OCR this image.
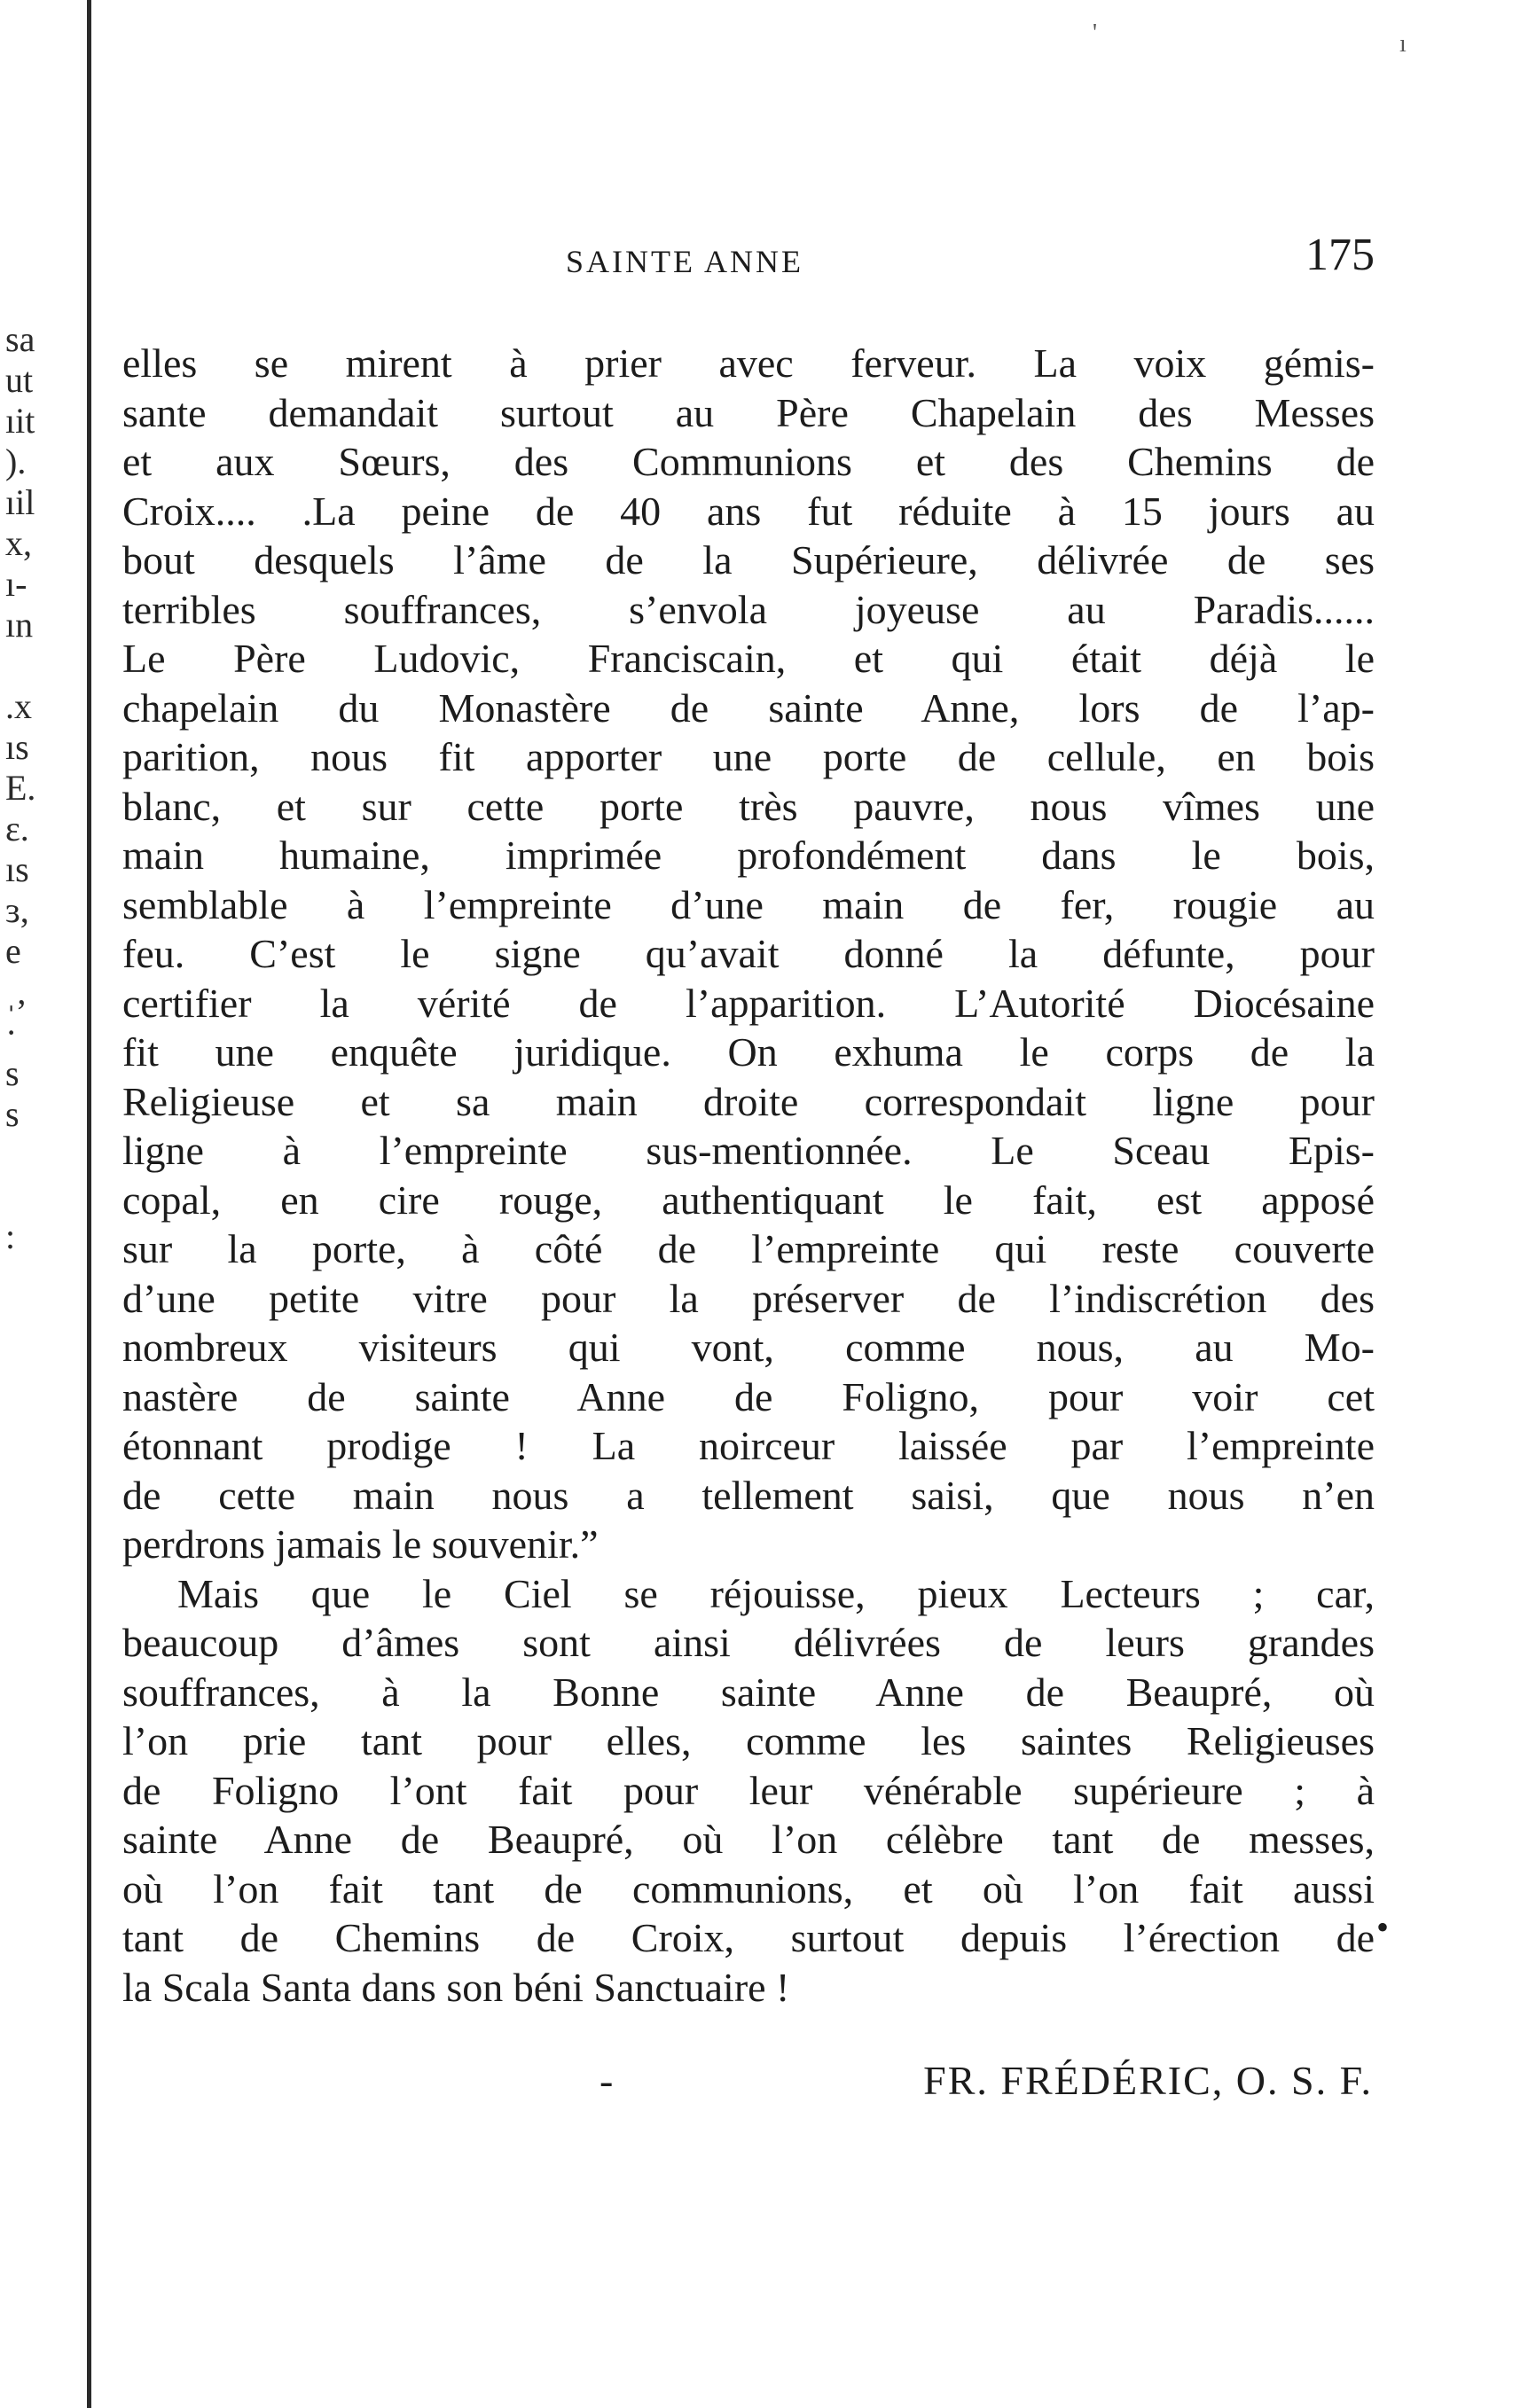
sa
ut
ıit
).
ıil
x,
ı-
ın

.x
ıs
E.
ɛ.
ıs
ɜ,
e
ˌ,
·
s
s

:

'	ı
SAINTE ANNE	175
elles se mirent à prier avec ferveur. La voix gémis-
sante demandait surtout au Père Chapelain des Messes
et aux Sœurs, des Communions et des Chemins de
Croix.... .La peine de 40 ans fut réduite à 15 jours au
bout desquels l’âme de la Supérieure, délivrée de ses
terribles souffrances, s’envola joyeuse au Paradis......
Le Père Ludovic, Franciscain, et qui était déjà le
chapelain du Monastère de sainte Anne, lors de l’ap-
parition, nous fit apporter une porte de cellule, en bois
blanc, et sur cette porte très pauvre, nous vîmes une
main humaine, imprimée profondément dans le bois,
semblable à l’empreinte d’une main de fer, rougie au
feu. C’est le signe qu’avait donné la défunte, pour
certifier la vérité de l’apparition. L’Autorité Diocésaine
fit une enquête juridique. On exhuma le corps de la
Religieuse et sa main droite correspondait ligne pour
ligne à l’empreinte sus-mentionnée. Le Sceau Epis-
copal, en cire rouge, authentiquant le fait, est apposé
sur la porte, à côté de l’empreinte qui reste couverte
d’une petite vitre pour la préserver de l’indiscrétion des
nombreux visiteurs qui vont, comme nous, au Mo-
nastère de sainte Anne de Foligno, pour voir cet
étonnant prodige ! La noirceur laissée par l’empreinte
de cette main nous a tellement saisi, que nous n’en
perdrons jamais le souvenir.”
Mais que le Ciel se réjouisse, pieux Lecteurs ; car,
beaucoup d’âmes sont ainsi délivrées de leurs grandes
souffrances, à la Bonne sainte Anne de Beaupré, où
l’on prie tant pour elles, comme les saintes Religieuses
de Foligno l’ont fait pour leur vénérable supérieure ; à
sainte Anne de Beaupré, où l’on célèbre tant de messes,
où l’on fait tant de communions, et où l’on fait aussi
tant de Chemins de Croix, surtout depuis l’érection de
la Scala Santa dans son béni Sanctuaire !
-
•
FR. FRÉDÉRIC, O. S. F.
